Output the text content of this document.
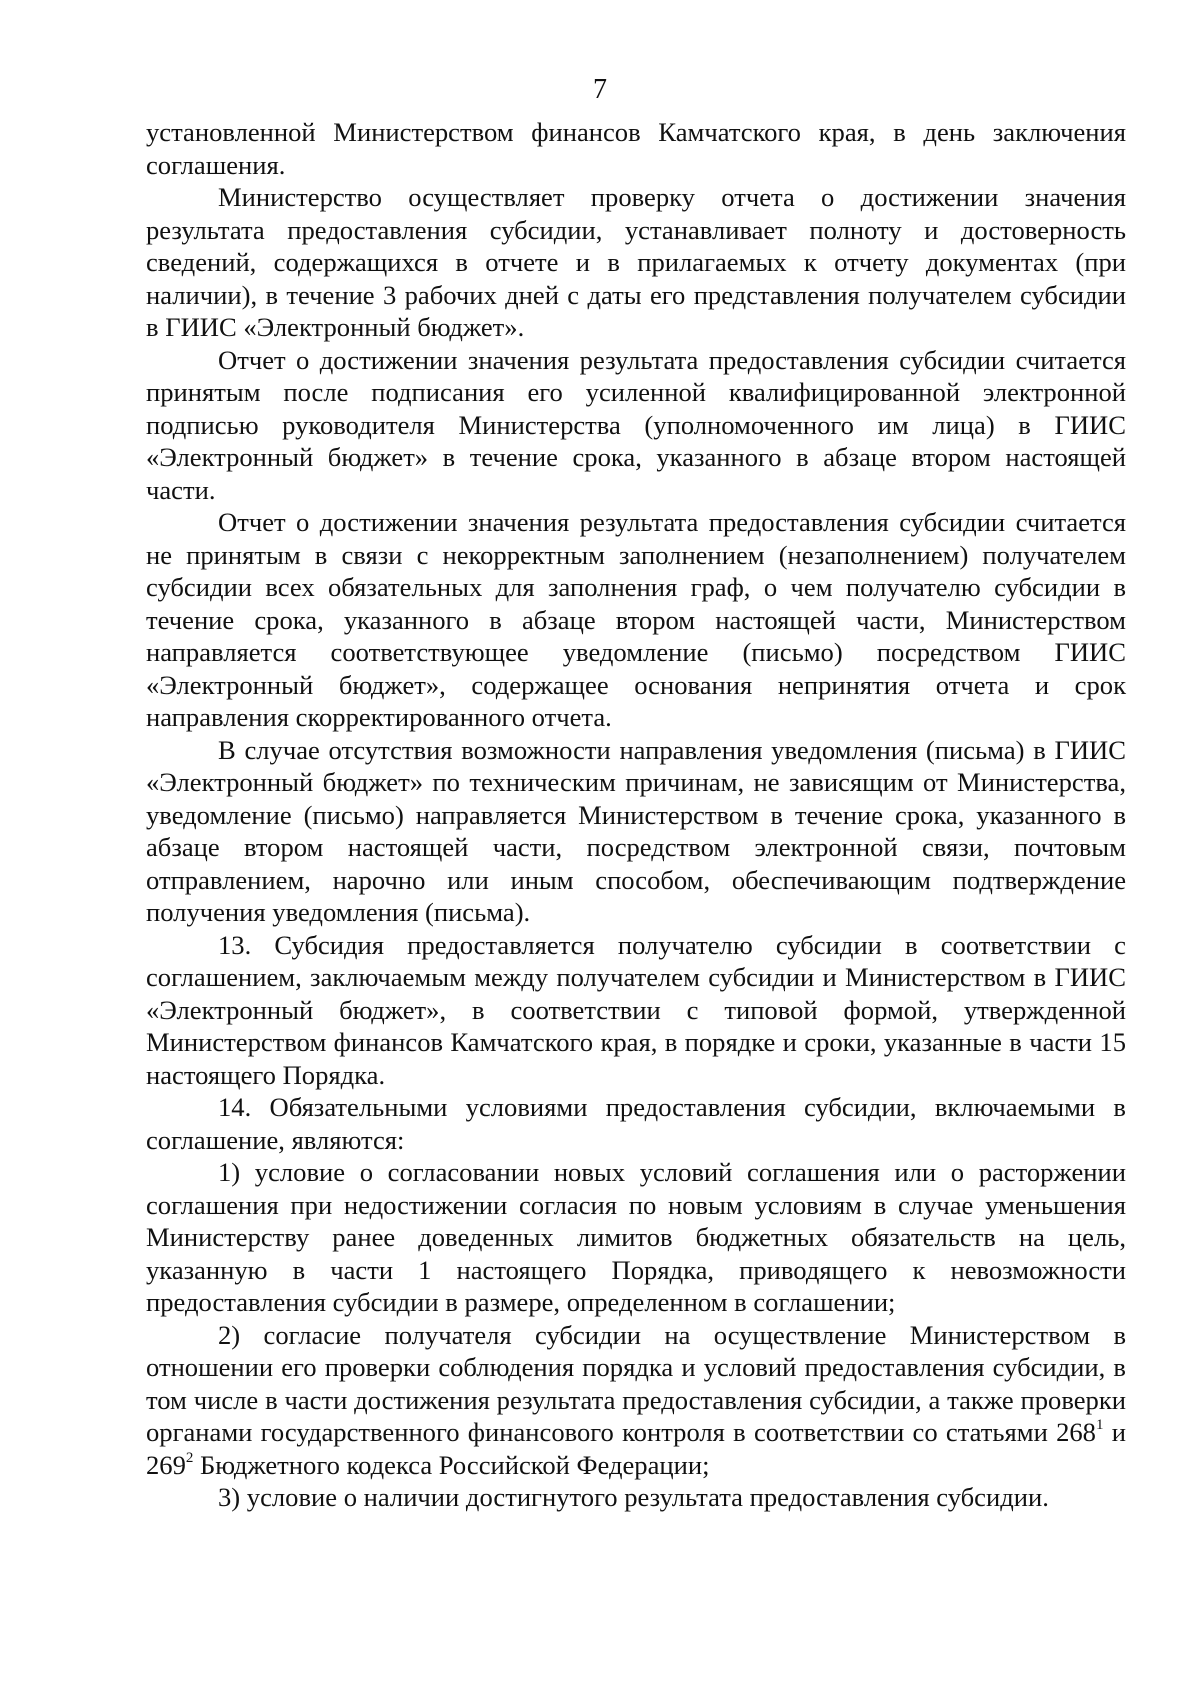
7

установленной Министерством финансов Камчатского края, в день заключения соглашения.

Министерство осуществляет проверку отчета о достижении значения результата предоставления субсидии, устанавливает полноту и достоверность сведений, содержащихся в отчете и в прилагаемых к отчету документах (при наличии), в течение 3 рабочих дней с даты его представления получателем субсидии в ГИИС «Электронный бюджет».

Отчет о достижении значения результата предоставления субсидии считается принятым после подписания его усиленной квалифицированной электронной подписью руководителя Министерства (уполномоченного им лица) в ГИИС «Электронный бюджет» в течение срока, указанного в абзаце втором настоящей части.

Отчет о достижении значения результата предоставления субсидии считается не принятым в связи с некорректным заполнением (незаполнением) получателем субсидии всех обязательных для заполнения граф, о чем получателю субсидии в течение срока, указанного в абзаце втором настоящей части, Министерством направляется соответствующее уведомление (письмо) посредством ГИИС «Электронный бюджет», содержащее основания непринятия отчета и срок направления скорректированного отчета.

В случае отсутствия возможности направления уведомления (письма) в ГИИС «Электронный бюджет» по техническим причинам, не зависящим от Министерства, уведомление (письмо) направляется Министерством в течение срока, указанного в абзаце втором настоящей части, посредством электронной связи, почтовым отправлением, нарочно или иным способом, обеспечивающим подтверждение получения уведомления (письма).

13. Субсидия предоставляется получателю субсидии в соответствии с соглашением, заключаемым между получателем субсидии и Министерством в ГИИС «Электронный бюджет», в соответствии с типовой формой, утвержденной Министерством финансов Камчатского края, в порядке и сроки, указанные в части 15 настоящего Порядка.

14. Обязательными условиями предоставления субсидии, включаемыми в соглашение, являются:

1) условие о согласовании новых условий соглашения или о расторжении соглашения при недостижении согласия по новым условиям в случае уменьшения Министерству ранее доведенных лимитов бюджетных обязательств на цель, указанную в части 1 настоящего Порядка, приводящего к невозможности предоставления субсидии в размере, определенном в соглашении;

2) согласие получателя субсидии на осуществление Министерством в отношении его проверки соблюдения порядка и условий предоставления субсидии, в том числе в части достижения результата предоставления субсидии, а также проверки органами государственного финансового контроля в соответствии со статьями $268^1$ и $269^2$ Бюджетного кодекса Российской Федерации;

3) условие о наличии достигнутого результата предоставления субсидии.
